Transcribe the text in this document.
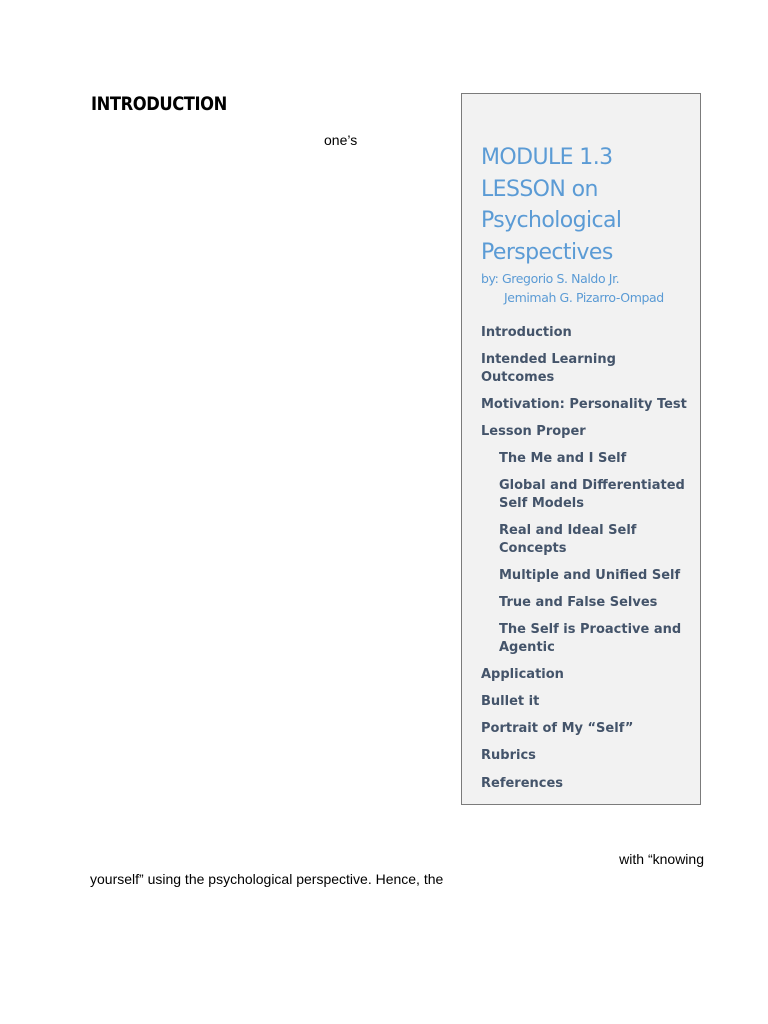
INTRODUCTION
one’s
MODULE 1.3
LESSON on
Psychological
Perspectives
by: Gregorio S. Naldo Jr.
Jemimah G. Pizarro-Ompad
Introduction
Intended Learning Outcomes
Motivation: Personality Test
Lesson Proper
The Me and I Self
Global and Differentiated Self Models
Real and Ideal Self Concepts
Multiple and Unified Self
True and False Selves
The Self is Proactive and Agentic
Application
Bullet it
Portrait of My “Self”
Rubrics
References
with “knowing
yourself” using the psychological perspective. Hence, the
